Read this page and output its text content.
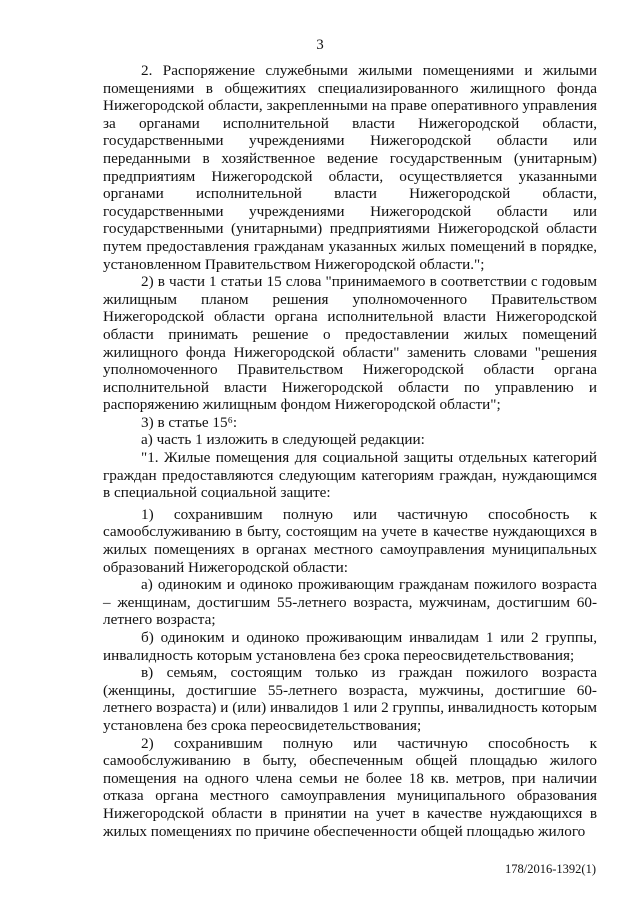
3

2. Распоряжение служебными жилыми помещениями и жилыми помещениями в общежитиях специализированного жилищного фонда Нижегородской области, закрепленными на праве оперативного управления за органами исполнительной власти Нижегородской области, государственными учреждениями Нижегородской области или переданными в хозяйственное ведение государственным (унитарным) предприятиям Нижегородской области, осуществляется указанными органами исполнительной власти Нижегородской области, государственными учреждениями Нижегородской области или государственными (унитарными) предприятиями Нижегородской области путем предоставления гражданам указанных жилых помещений в порядке, установленном Правительством Нижегородской области.";

2) в части 1 статьи 15 слова "принимаемого в соответствии с годовым жилищным планом решения уполномоченного Правительством Нижегородской области органа исполнительной власти Нижегородской области принимать решение о предоставлении жилых помещений жилищного фонда Нижегородской области" заменить словами "решения уполномоченного Правительством Нижегородской области органа исполнительной власти Нижегородской области по управлению и распоряжению жилищным фондом Нижегородской области";

3) в статье 15⁶:

а) часть 1 изложить в следующей редакции:

"1. Жилые помещения для социальной защиты отдельных категорий граждан предоставляются следующим категориям граждан, нуждающимся в специальной социальной защите:

1) сохранившим полную или частичную способность к самообслуживанию в быту, состоящим на учете в качестве нуждающихся в жилых помещениях в органах местного самоуправления муниципальных образований Нижегородской области:

а) одиноким и одиноко проживающим гражданам пожилого возраста – женщинам, достигшим 55-летнего возраста, мужчинам, достигшим 60-летнего возраста;

б) одиноким и одиноко проживающим инвалидам 1 или 2 группы, инвалидность которым установлена без срока переосвидетельствования;

в) семьям, состоящим только из граждан пожилого возраста (женщины, достигшие 55-летнего возраста, мужчины, достигшие 60-летнего возраста) и (или) инвалидов 1 или 2 группы, инвалидность которым установлена без срока переосвидетельствования;

2) сохранившим полную или частичную способность к самообслуживанию в быту, обеспеченным общей площадью жилого помещения на одного члена семьи не более 18 кв. метров, при наличии отказа органа местного самоуправления муниципального образования Нижегородской области в принятии на учет в качестве нуждающихся в жилых помещениях по причине обеспеченности общей площадью жилого

178/2016-1392(1)
